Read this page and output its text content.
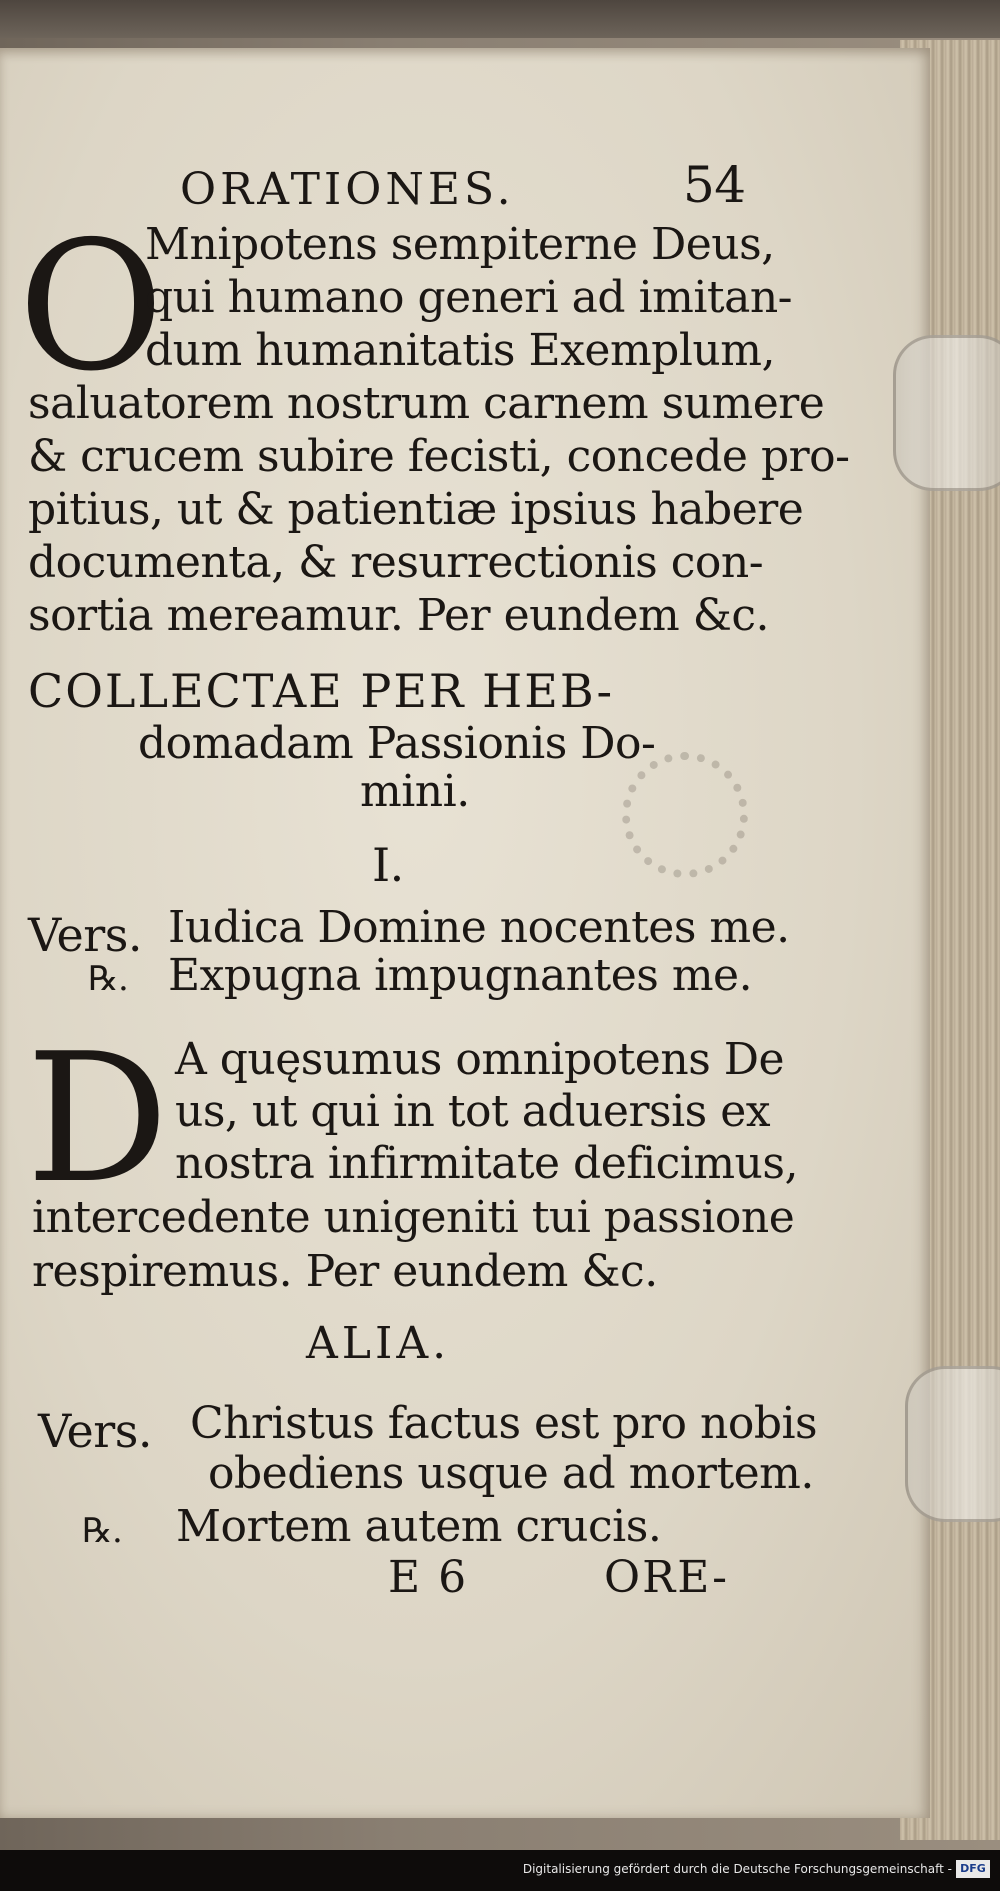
ORATIONES.	54
O
Mnipotens sempiterne Deus,
qui humano generi ad imitan-
dum humanitatis Exemplum,
saluatorem nostrum carnem sumere
& crucem subire fecisti, concede pro-
pitius, ut & patientiæ ipsius habere
documenta, & resurrectionis con-
sortia mereamur. Per eundem &c.
COLLECTAE PER HEB-
domadam Passionis Do-
mini.
I.
Vers. Iudica Domine nocentes me.
℞. Expugna impugnantes me.
D A quęsumus omnipotens De
us, ut qui in tot aduersis ex
nostra infirmitate deficimus,
intercedente unigeniti tui passione
respiremus. Per eundem &c.
ALIA.
Vers. Christus factus est pro nobis
obediens usque ad mortem.
℞. Mortem autem crucis.
E 6	ORE-
Digitalisierung gefördert durch die Deutsche Forschungsgemeinschaft - DFG
